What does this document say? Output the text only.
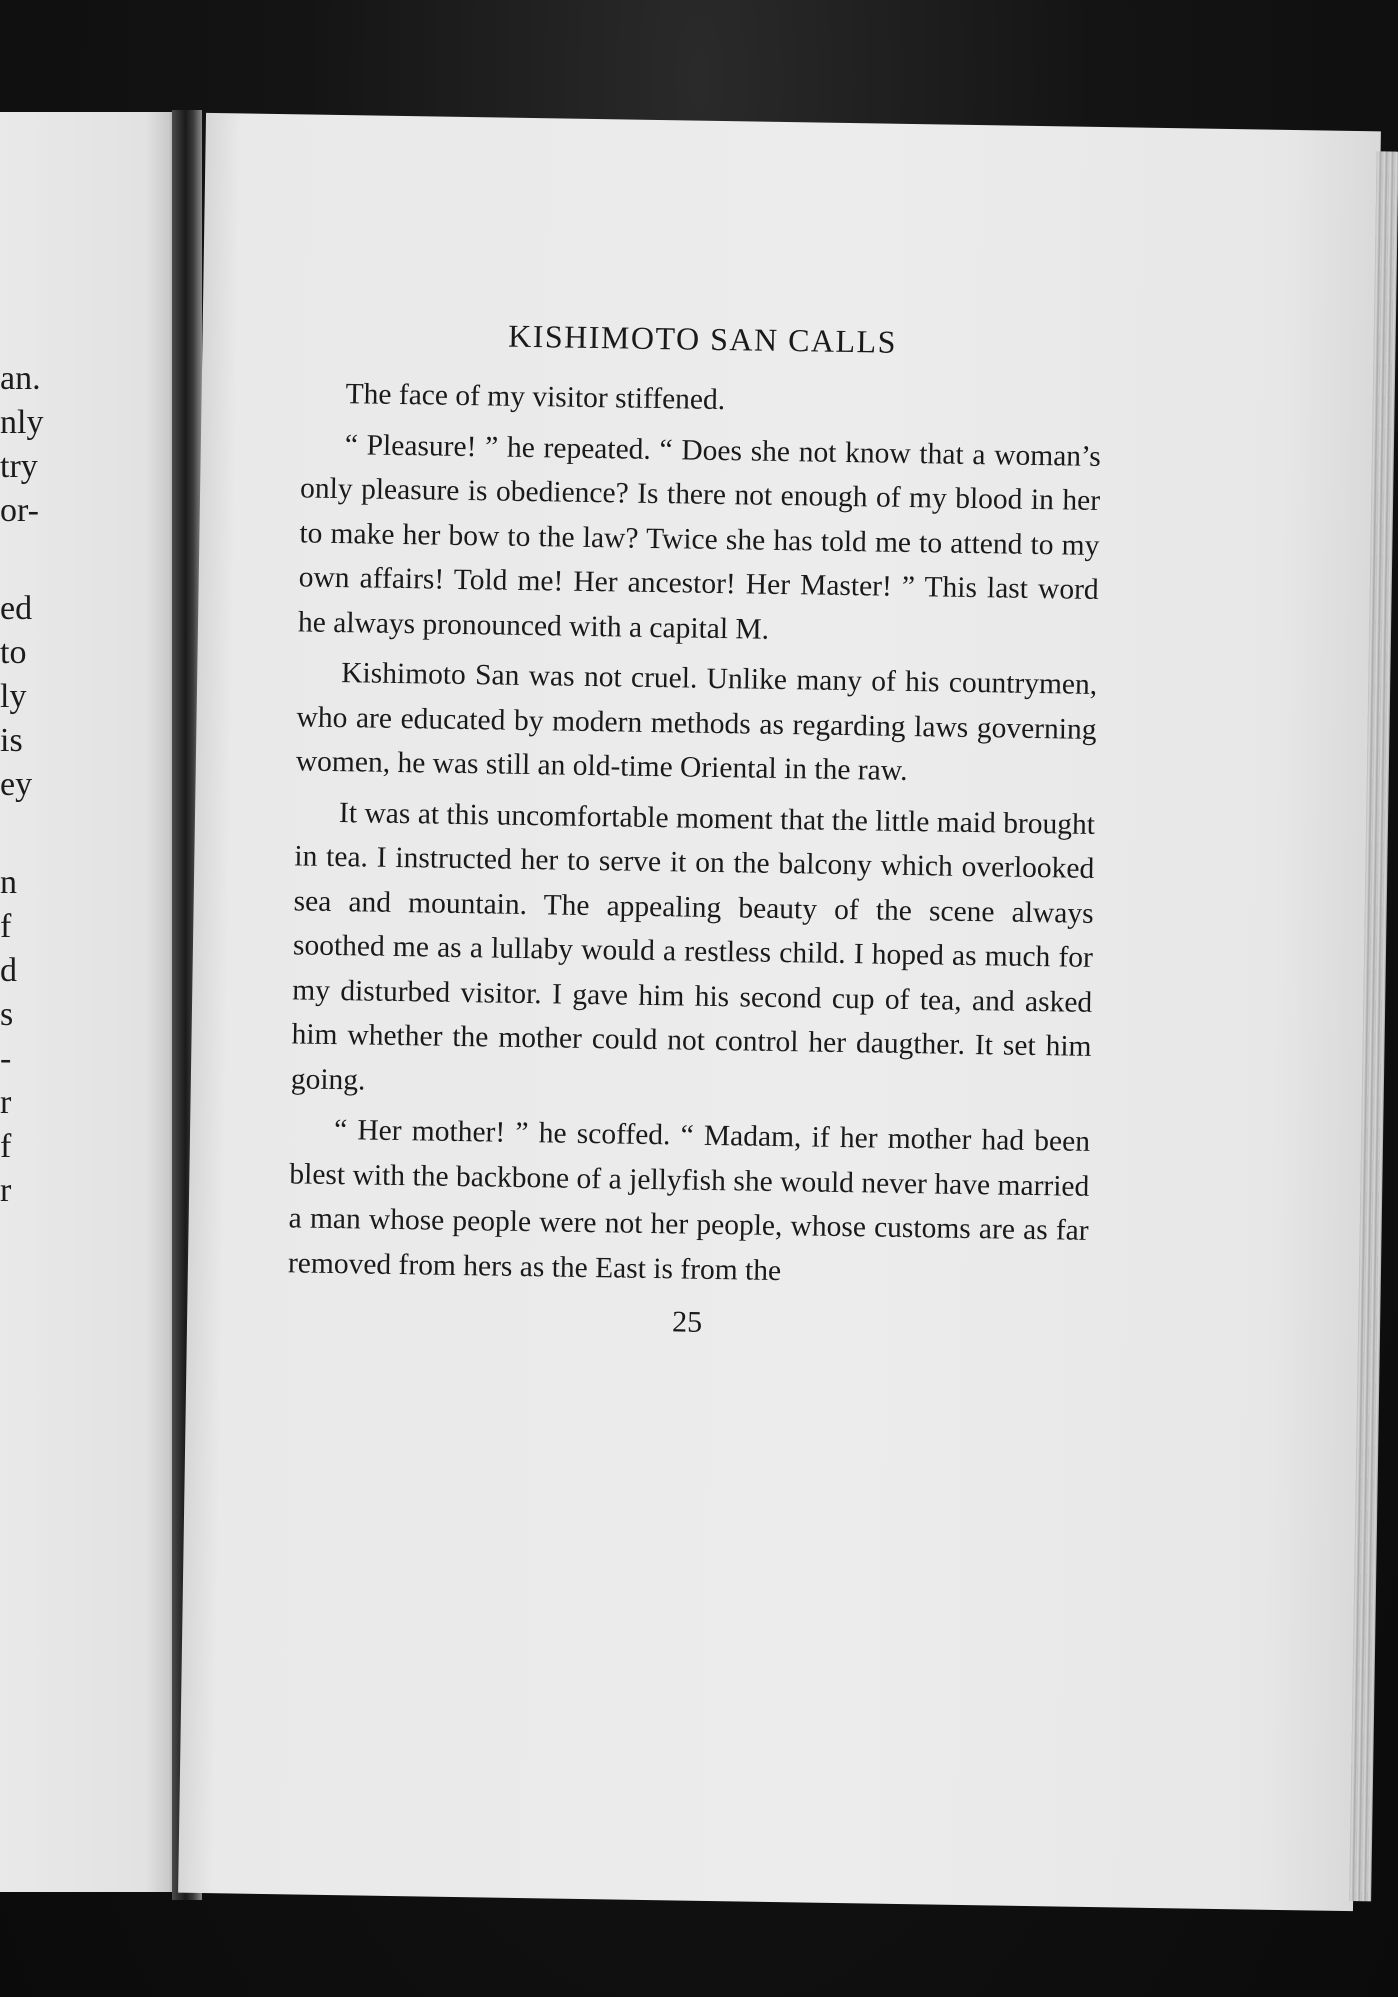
an.
nly
try
or-
ed
to
ly
is
ey
n
f
d
s
-
r
f
r
KISHIMOTO SAN CALLS

The face of my visitor stiffened.

“ Pleasure! ” he repeated. “ Does she not know that a woman’s only pleasure is obedience? Is there not enough of my blood in her to make her bow to the law? Twice she has told me to attend to my own affairs! Told me! Her ancestor! Her Master! ” This last word he always pronounced with a capital M.

Kishimoto San was not cruel. Unlike many of his countrymen, who are educated by modern methods as regarding laws governing women, he was still an old-time Oriental in the raw.

It was at this uncomfortable moment that the little maid brought in tea. I instructed her to serve it on the balcony which overlooked sea and mountain. The appealing beauty of the scene always soothed me as a lullaby would a restless child. I hoped as much for my disturbed visitor. I gave him his second cup of tea, and asked him whether the mother could not control her daugther. It set him going.

“ Her mother! ” he scoffed. “ Madam, if her mother had been blest with the backbone of a jellyfish she would never have married a man whose people were not her people, whose customs are as far removed from hers as the East is from the

25
